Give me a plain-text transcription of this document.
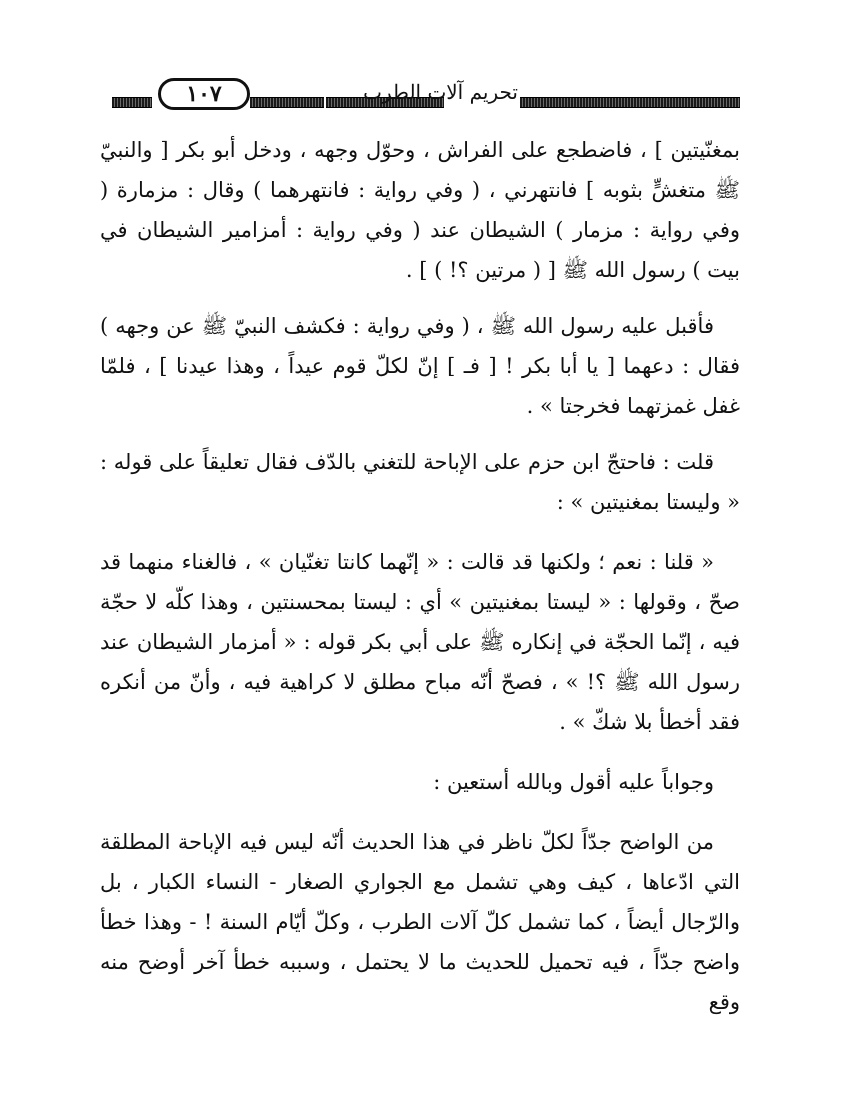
١٠٧	تحريم آلات الطرب

بمغنّيتين ] ، فاضطجع على الفراش ، وحوّل وجهه ، ودخل أبو بكر [ والنبيّ ﷺ متغشٍّ بثوبه ] فانتهرني ، ( وفي رواية : فانتهرهما ) وقال : مزمارة ( وفي رواية : مزمار ) الشيطان عند ( وفي رواية : أمزامير الشيطان في بيت ) رسول الله ﷺ [ ( مرتين ؟! ) ] .

فأقبل عليه رسول الله ﷺ ، ( وفي رواية : فكشف النبيّ ﷺ عن وجهه ) فقال : دعهما [ يا أبا بكر ! [ فـ ] إنّ لكلّ قوم عيداً ، وهذا عيدنا ] ، فلمّا غفل غمزتهما فخرجتا » .

قلت : فاحتجّ ابن حزم على الإباحة للتغني بالدّف فقال تعليقاً على قوله : « وليستا بمغنيتين » :

« قلنا : نعم ؛ ولكنها قد قالت : « إنّهما كانتا تغنّيان » ، فالغناء منهما قد صحّ ، وقولها : « ليستا بمغنيتين » أي : ليستا بمحسنتين ، وهذا كلّه لا حجّة فيه ، إنّما الحجّة في إنكاره ﷺ على أبي بكر قوله : « أمزمار الشيطان عند رسول الله ﷺ ؟! » ، فصحّ أنّه مباح مطلق لا كراهية فيه ، وأنّ من أنكره فقد أخطأ بلا شكّ » .

وجواباً عليه أقول وبالله أستعين :

من الواضح جدّاً لكلّ ناظر في هذا الحديث أنّه ليس فيه الإباحة المطلقة التي ادّعاها ، كيف وهي تشمل مع الجواري الصغار - النساء الكبار ، بل والرّجال أيضاً ، كما تشمل كلّ آلات الطرب ، وكلّ أيّام السنة ! - وهذا خطأ واضح جدّاً ، فيه تحميل للحديث ما لا يحتمل ، وسببه خطأ آخر أوضح منه وقع
